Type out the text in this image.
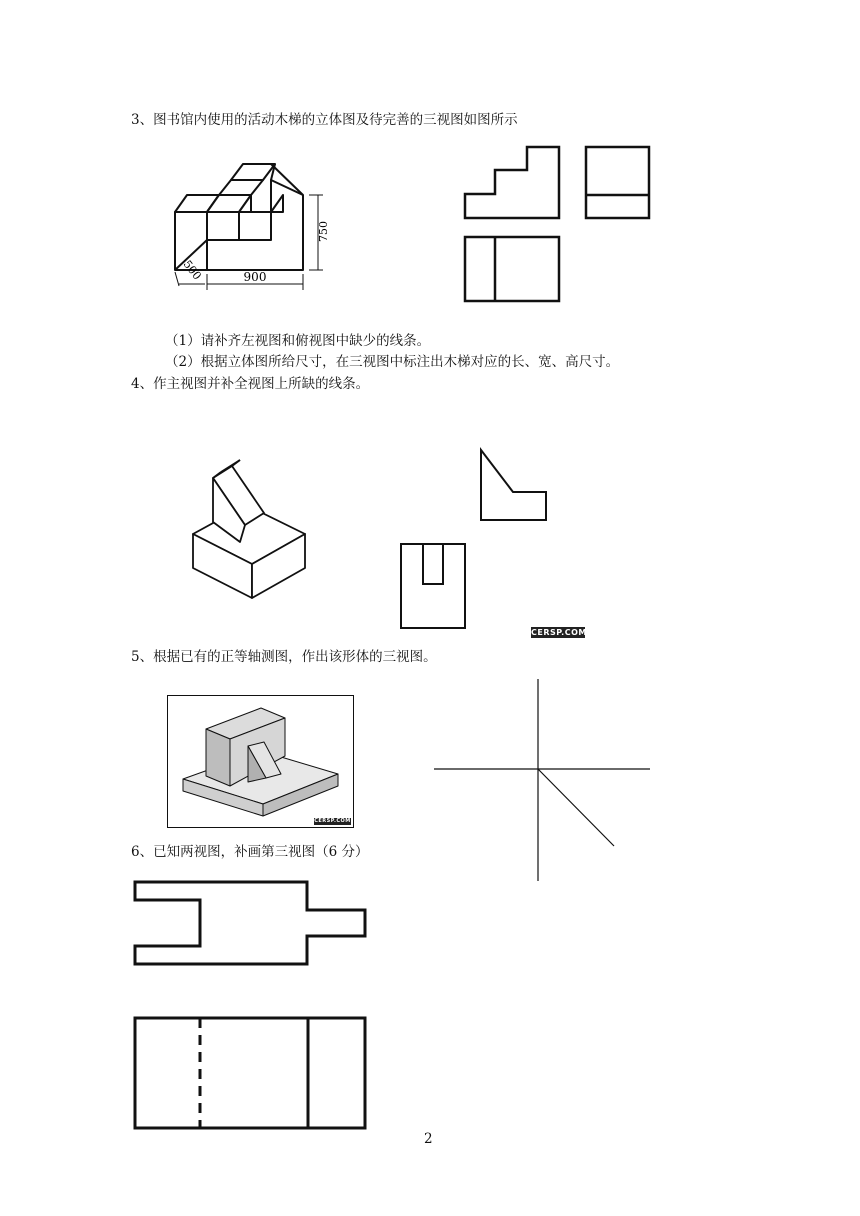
3、图书馆内使用的活动木梯的立体图及待完善的三视图如图所示
900
750
500
（1）请补齐左视图和俯视图中缺少的线条。
（2）根据立体图所给尺寸，在三视图中标注出木梯对应的长、宽、高尺寸。
4、作主视图并补全视图上所缺的线条。
CERSP.COM
5、根据已有的正等轴测图，作出该形体的三视图。
CERSP.COM
6、已知两视图，补画第三视图（6 分）
2
